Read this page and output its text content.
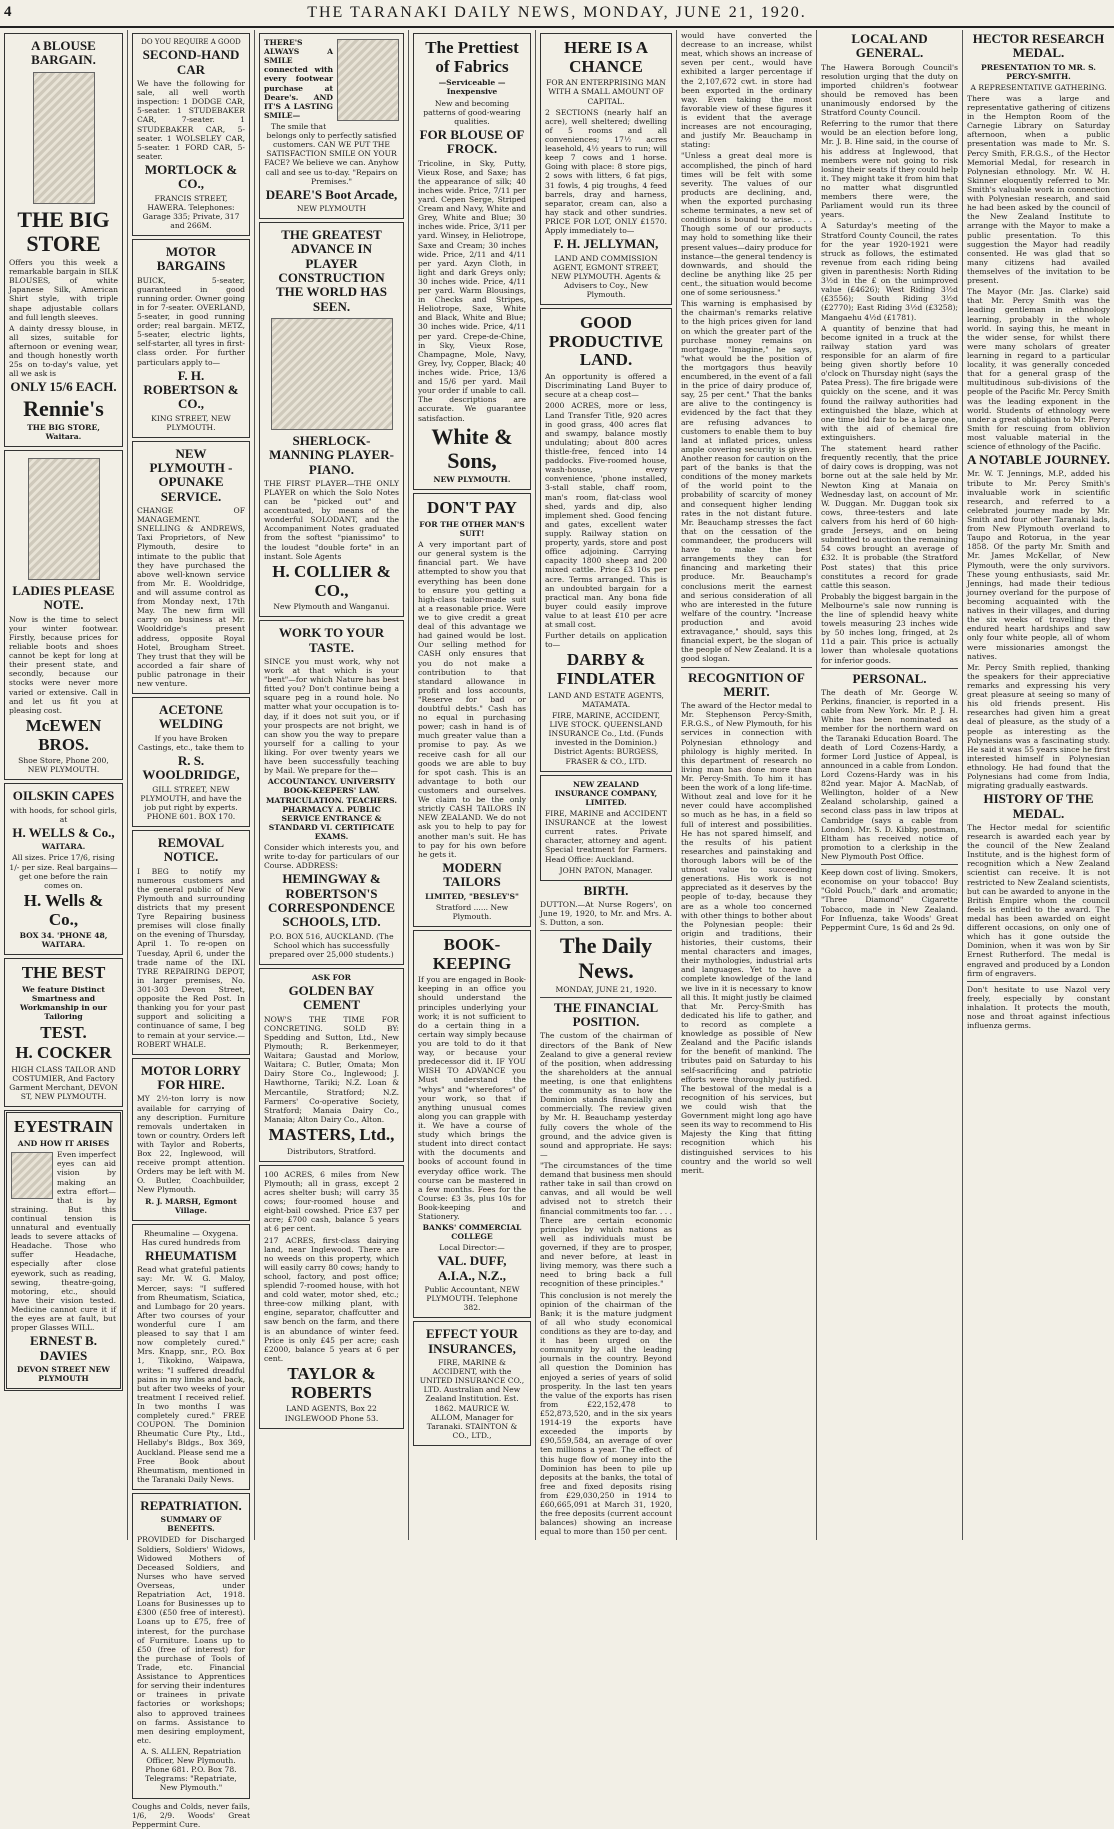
4	THE TARANAKI DAILY NEWS, MONDAY, JUNE 21, 1920.
A BLOUSE BARGAIN.
THE BIG STORE

Offers you this week a remarkable bargain in SILK BLOUSES, of white Japanese Silk, American Shirt style, with triple shape adjustable collars and full length sleeves.

A dainty dressy blouse, in all sizes, suitable for afternoon or evening wear, and though honestly worth 25s on to-day's value, yet all we ask is

ONLY 15/6 EACH.
Rennie's

THE BIG STORE, Waitara.

LADIES PLEASE NOTE.

Now is the time to select your winter footwear. Firstly, because prices for reliable boots and shoes cannot be kept for long at their present state, and secondly, because our stocks were never more varied or extensive. Call in and let us fit you at pleasing cost.

McEWEN BROS.

Shoe Store, Phone 200, NEW PLYMOUTH.

OILSKIN CAPES

with hoods, for school girls, at

H. WELLS & Co.,

WAITARA.

All sizes. Price 17/6, rising 1/- per size. Real bargains—get one before the rain comes on.

H. Wells & Co.,

BOX 34. 'PHONE 48, WAITARA.

THE BEST

We feature Distinct Smartness and Workmanship in our Tailoring

TEST.
H. COCKER

HIGH CLASS TAILOR AND COSTUMIER, And Factory Garment Merchant, DEVON ST, NEW PLYMOUTH.

EYESTRAIN

AND HOW IT ARISES

Even imperfect eyes can aid vision by making an extra effort—that is by straining. But this continual tension is unnatural and eventually leads to severe attacks of Headache. Those who suffer Headache, especially after close eyework, such as reading, sewing, theatre-going, motoring, etc., should have their vision tested. Medicine cannot cure it if the eyes are at fault, but proper Glasses WILL.

ERNEST B. DAVIES

DEVON STREET NEW PLYMOUTH

DO YOU REQUIRE A GOOD

SECOND-HAND CAR

We have the following for sale, all well worth inspection: 1 DODGE CAR, 5-seater. 1 STUDEBAKER CAR, 7-seater. 1 STUDEBAKER CAR, 5-seater. 1 WOLSELEY CAR, 5-seater. 1 FORD CAR, 5-seater.

MORTLOCK & CO.,

FRANCIS STREET, HAWERA. Telephones: Garage 335; Private, 317 and 266M.

MOTOR BARGAINS

BUICK, 5-seater, guaranteed in good running order. Owner going in for 7-seater. OVERLAND, 5-seater, in good running order; real bargain. METZ, 5-seater, electric lights, self-starter, all tyres in first-class order. For further particulars apply to—

F. H. ROBERTSON & CO.,

KING STREET, NEW PLYMOUTH.

NEW PLYMOUTH - OPUNAKE SERVICE.

CHANGE OF MANAGEMENT. SNELLING & ANDREWS, Taxi Proprietors, of New Plymouth, desire to intimate to the public that they have purchased the above well-known service from Mr. E. Wooldridge, and will assume control as from Monday next, 17th May. The new firm will carry on business at Mr. Wooldridge's present address, opposite Royal Hotel, Brougham Street. They trust that they will be accorded a fair share of public patronage in their new venture.

ACETONE WELDING

If you have Broken Castings, etc., take them to

R. S. WOOLDRIDGE,

GILL STREET, NEW PLYMOUTH, and have the job put right by experts. PHONE 601. BOX 170.

REMOVAL NOTICE.

I BEG to notify my numerous customers and the general public of New Plymouth and surrounding districts that my present Tyre Repairing business premises will close finally on the evening of Thursday, April 1. To re-open on Tuesday, April 6, under the trade name of the IXL TYRE REPAIRING DEPOT, in larger premises, No. 301-303 Devon Street, opposite the Red Post. In thanking you for your past support and soliciting a continuance of same, I beg to remain at your service.—ROBERT WHALE.

MOTOR LORRY FOR HIRE.

MY 2½-ton lorry is now available for carrying of any description. Furniture removals undertaken in town or country. Orders left with Taylor and Roberts, Box 22, Inglewood, will receive prompt attention. Orders may be left with M. O. Butler, Coachbuilder, New Plymouth.

R. J. MARSH, Egmont Village.

Rheumaline — Oxygena. Has cured hundreds from

RHEUMATISM

Read what grateful patients say: Mr. W. G. Maloy, Mercer, says: "I suffered from Rheumatism, Sciatica, and Lumbago for 20 years. After two courses of your wonderful cure I am pleased to say that I am now completely cured." Mrs. Knapp, snr., P.O. Box 1, Tikokino, Waipawa, writes: "I suffered dreadful pains in my limbs and back, but after two weeks of your treatment I received relief. In two months I was completely cured." FREE COUPON. The Dominion Rheumatic Cure Pty., Ltd., Hellaby's Bldgs., Box 369, Auckland. Please send me a Free Book about Rheumatism, mentioned in the Taranaki Daily News.

REPATRIATION.

SUMMARY OF BENEFITS.

PROVIDED for Discharged Soldiers, Soldiers' Widows, Widowed Mothers of Deceased Soldiers, and Nurses who have served Overseas, under Repatriation Act, 1918. Loans for Businesses up to £300 (£50 free of interest). Loans up to £75, free of interest, for the purchase of Furniture. Loans up to £50 (free of interest) for the purchase of Tools of Trade, etc. Financial Assistance to Apprentices for serving their indentures or trainees in private factories or workshops; also to approved trainees on farms. Assistance to men desiring employment, etc.

A. S. ALLEN, Repatriation Officer, New Plymouth. Phone 681. P.O. Box 78. Telegrams: "Repatriate, New Plymouth."

Coughs and Colds, never fails, 1/6, 2/9. Woods' Great Peppermint Cure.

THERE'S ALWAYS A SMILE connected with every footwear purchase at Deare's. AND IT'S A LASTING SMILE—

The smile that belongs only to perfectly satisfied customers. CAN WE PUT THE SATISFACTION SMILE ON YOUR FACE? We believe we can. Anyhow call and see us to-day. "Repairs on Premises."

DEARE'S Boot Arcade,

NEW PLYMOUTH

THE GREATEST ADVANCE IN PLAYER CONSTRUCTION THE WORLD HAS SEEN.
SHERLOCK-MANNING PLAYER-PIANO.

THE FIRST PLAYER—THE ONLY PLAYER on which the Solo Notes can be "picked out" and accentuated, by means of the wonderful SOLODANT, and the Accompaniment Notes graduated from the softest "pianissimo" to the loudest "double forte" in an instant. Sole Agents

H. COLLIER & CO.,

New Plymouth and Wanganui.

WORK TO YOUR TASTE.

SINCE you must work, why not work at that which is your "bent"—for which Nature has best fitted you? Don't continue being a square peg in a round hole. No matter what your occupation is to-day, if it does not suit you, or if your prospects are not bright, we can show you the way to prepare yourself for a calling to your liking. For over twenty years we have been successfully teaching by Mail. We prepare for the—

ACCOUNTANCY. UNIVERSITY BOOK-KEEPERS' LAW. MATRICULATION. TEACHERS. PHARMACY A. PUBLIC SERVICE ENTRANCE & STANDARD VI. CERTIFICATE EXAMS.

Consider which interests you, and write to-day for particulars of our Course. ADDRESS:

HEMINGWAY & ROBERTSON'S CORRESPONDENCE SCHOOLS, LTD.

P.O. BOX 516, AUCKLAND. (The School which has successfully prepared over 25,000 students.)

ASK FOR

GOLDEN BAY CEMENT

NOW'S THE TIME FOR CONCRETING. SOLD BY: Spedding and Sutton, Ltd., New Plymouth; R. Berkenmeyer, Waitara; Gaustad and Morlow, Waitara; C. Butler, Omata; Mon Dairy Store Co., Inglewood; J. Hawthorne, Tariki; N.Z. Loan & Mercantile, Stratford; N.Z. Farmers' Co-operative Society, Stratford; Manaia Dairy Co., Manaia; Alton Dairy Co., Alton.

MASTERS, Ltd.,

Distributors, Stratford.

100 ACRES, 6 miles from New Plymouth; all in grass, except 2 acres shelter bush; will carry 35 cows; four-roomed house and eight-bail cowshed. Price £37 per acre; £700 cash, balance 5 years at 6 per cent.

217 ACRES, first-class dairying land, near Inglewood. There are no weeds on this property, which will easily carry 80 cows; handy to school, factory, and post office; splendid 7-roomed house, with hot and cold water, motor shed, etc.; three-cow milking plant, with engine, separator, chaffcutter and saw bench on the farm, and there is an abundance of winter feed. Price is only £45 per acre; cash £2000, balance 5 years at 6 per cent.

TAYLOR & ROBERTS

LAND AGENTS, Box 22 INGLEWOOD Phone 53.

The Prettiest of Fabrics

—Serviceable —Inexpensive

New and becoming patterns of good-wearing qualities.

FOR BLOUSE OF FROCK.

Tricoline, in Sky, Putty, Vieux Rose, and Saxe; has the appearance of silk; 40 inches wide. Price, 7/11 per yard. Cepen Serge, Striped Cream and Navy, White and Grey, White and Blue; 30 inches wide. Price, 3/11 per yard. Winsey, in Heliotrope, Saxe and Cream; 30 inches wide. Price, 2/11 and 4/11 per yard. Azyn Cloth, in light and dark Greys only; 30 inches wide. Price, 4/11 per yard. Warm Blousings, in Checks and Stripes, Heliotrope, Saxe, White and Black, White and Blue; 30 inches wide. Price, 4/11 per yard. Crepe-de-Chine, in Sky, Vieux Rose, Champagne, Mole, Navy, Grey, Ivy, Copper, Black; 40 inches wide. Price, 13/6 and 15/6 per yard. Mail your order if unable to call. The descriptions are accurate. We guarantee satisfaction.

White & Sons,

NEW PLYMOUTH.

DON'T PAY

FOR THE OTHER MAN'S SUIT!

A very important part of our general system is the financial part. We have attempted to show you that everything has been done to ensure you getting a high-class tailor-made suit at a reasonable price. Were we to give credit a great deal of this advantage we had gained would be lost. Our selling method for CASH only ensures that you do not make a contribution to that standard allowance in profit and loss accounts, "Reserve for bad or doubtful debts." Cash has no equal in purchasing power; cash in hand is of much greater value than a promise to pay. As we receive cash for all our goods we are able to buy for spot cash. This is an advantage to both our customers and ourselves. We claim to be the only strictly CASH TAILORS IN NEW ZEALAND. We do not ask you to help to pay for another man's suit. He has to pay for his own before he gets it.

MODERN TAILORS

LIMITED, "BESLEY'S"

Stratford ...... New Plymouth.

BOOK-KEEPING

If you are engaged in Book-keeping in an office you should understand the principles underlying your work; it is not sufficient to do a certain thing in a certain way simply because you are told to do it that way, or because your predecessor did it. IF YOU WISH TO ADVANCE you Must understand the "whys" and "wherefores" of your work, so that if anything unusual comes along you can grapple with it. We have a course of study which brings the student into direct contact with the documents and books of account found in everyday office work. The course can be mastered in a few months. Fees for the Course: £3 3s, plus 10s for Book-keeping and Stationery.

BANKS' COMMERCIAL COLLEGE

Local Director:—

VAL. DUFF, A.I.A., N.Z.,

Public Accountant, NEW PLYMOUTH. Telephone 382.

EFFECT YOUR INSURANCES,

FIRE, MARINE & ACCIDENT, with the UNITED INSURANCE CO., LTD. Australian and New Zealand Institution. Est. 1862. MAURICE W. ALLOM, Manager for Taranaki. STAINTON & CO., LTD.,

HERE IS A CHANCE

FOR AN ENTERPRISING MAN WITH A SMALL AMOUNT OF CAPITAL.

2 SECTIONS (nearly half an acre), well sheltered; dwelling of 5 rooms and all conveniences; 17½ acres leasehold, 4½ years to run; will keep 7 cows and 1 horse. Going with place: 8 store pigs, 2 sows with litters, 6 fat pigs, 31 fowls, 4 pig troughs, 4 feed barrels, dray and harness, separator, cream can, also a hay stack and other sundries. PRICE FOR LOT, ONLY £1570. Apply immediately to—

F. H. JELLYMAN,

LAND AND COMMISSION AGENT, EGMONT STREET, NEW PLYMOUTH. Agents & Advisers to Coy., New Plymouth.

GOOD PRODUCTIVE LAND.

An opportunity is offered a Discriminating Land Buyer to secure at a cheap cost—

2000 ACRES, more or less, Land Transfer Title, 920 acres in good grass, 400 acres flat and swampy, balance mostly undulating; about 800 acres thistle-free, fenced into 14 paddocks. Five-roomed house, wash-house, every convenience, 'phone installed, 3-stall stable, chaff room, man's room, flat-class wool shed, yards and dip, also implement shed. Good fencing and gates, excellent water supply. Railway station on property, yards, store and post office adjoining. Carrying capacity 1800 sheep and 200 mixed cattle. Price £3 10s per acre. Terms arranged. This is an undoubted bargain for a practical man. Any bona fide buyer could easily improve value to at least £10 per acre at small cost.

Further details on application to—

DARBY & FINDLATER

LAND AND ESTATE AGENTS, MATAMATA.

FIRE, MARINE, ACCIDENT, LIVE STOCK. QUEENSLAND INSURANCE Co., Ltd. (Funds invested in the Dominion.) District Agents: BURGESS, FRASER & CO., LTD.

NEW ZEALAND INSURANCE COMPANY, LIMITED.

FIRE, MARINE and ACCIDENT INSURANCE at the lowest current rates. Private character, attorney and agent. Special treatment for Farmers. Head Office: Auckland.

JOHN PATON, Manager.

BIRTH.

DUTTON.—At Nurse Rogers', on June 19, 1920, to Mr. and Mrs. A. S. Dutton, a son.

The Daily News.

MONDAY, JUNE 21, 1920.

THE FINANCIAL POSITION.

The custom of the chairman of directors of the Bank of New Zealand to give a general review of the position, when addressing the shareholders at the annual meeting, is one that enlightens the community as to how the Dominion stands financially and commercially. The review given by Mr. H. Beauchamp yesterday fully covers the whole of the ground, and the advice given is sound and appropriate. He says:—

"The circumstances of the time demand that business men should rather take in sail than crowd on canvas, and all would be well advised not to stretch their financial commitments too far. . . . There are certain economic principles by which nations as well as individuals must be governed, if they are to prosper, and never before, at least in living memory, was there such a need to bring back a full recognition of these principles."

This conclusion is not merely the opinion of the chairman of the Bank; it is the mature judgment of all who study economical conditions as they are to-day, and it has been urged on the community by all the leading journals in the country. Beyond all question the Dominion has enjoyed a series of years of solid prosperity. In the last ten years the value of the exports has risen from £22,152,478 to £52,873,520, and in the six years 1914-19 the exports have exceeded the imports by £90,559,584, an average of over ten millions a year. The effect of this huge flow of money into the Dominion has been to pile up deposits at the banks, the total of free and fixed deposits rising from £29,030,250 in 1914 to £60,665,091 at March 31, 1920, the free deposits (current account balances) showing an increase equal to more than 150 per cent.

would have converted the decrease to an increase, whilst meat, which shows an increase of seven per cent., would have exhibited a larger percentage if the 2,107,672 cwt. in store had been exported in the ordinary way. Even taking the most favorable view of these figures it is evident that the average increases are not encouraging, and justify Mr. Beauchamp in stating:

"Unless a great deal more is accomplished, the pinch of hard times will be felt with some severity. The values of our products are declining, and, when the exported purchasing scheme terminates, a new set of conditions is bound to arise. . . . Though some of our products may hold to something like their present values—dairy produce for instance—the general tendency is downwards, and should the decline be anything like 25 per cent., the situation would become one of some seriousness."

This warning is emphasised by the chairman's remarks relative to the high prices given for land on which the greater part of the purchase money remains on mortgage. "Imagine," he says, "what would be the position of the mortgagors thus heavily encumbered, in the event of a fall in the price of dairy produce of, say, 25 per cent." That the banks are alive to the contingency is evidenced by the fact that they are refusing advances to customers to enable them to buy land at inflated prices, unless ample covering security is given. Another reason for caution on the part of the banks is that the conditions of the money markets of the world point to the probability of scarcity of money and consequent higher lending rates in the not distant future. Mr. Beauchamp stresses the fact that on the cessation of the commandeer, the producers will have to make the best arrangements they can for financing and marketing their produce. Mr. Beauchamp's conclusions merit the earnest and serious consideration of all who are interested in the future welfare of the country. "Increase production and avoid extravagance," should, says this financial expert, be the slogan of the people of New Zealand. It is a good slogan.

RECOGNITION OF MERIT.

The award of the Hector medal to Mr. Stephenson Percy-Smith, F.R.G.S., of New Plymouth, for his services in connection with Polynesian ethnology and philology is highly merited. In this department of research no living man has done more than Mr. Percy-Smith. To him it has been the work of a long life-time. Without zeal and love for it he never could have accomplished so much as he has, in a field so full of interest and possibilities. He has not spared himself, and the results of his patient researches and painstaking and thorough labors will be of the utmost value to succeeding generations. His work is not appreciated as it deserves by the people of to-day, because they are as a whole too concerned with other things to bother about the Polynesian people: their origin and traditions, their histories, their customs, their mental characters and images, their mythologies, industrial arts and languages. Yet to have a complete knowledge of the land we live in it is necessary to know all this. It might justly be claimed that Mr. Percy-Smith has dedicated his life to gather, and to record as complete a knowledge as possible of New Zealand and the Pacific islands for the benefit of mankind. The tributes paid on Saturday to his self-sacrificing and patriotic efforts were thoroughly justified. The bestowal of the medal is a recognition of his services, but we could wish that the Government might long ago have seen its way to recommend to His Majesty the King that fitting recognition which his distinguished services to his country and the world so well merit.

LOCAL AND GENERAL.

The Hawera Borough Council's resolution urging that the duty on imported children's footwear should be removed has been unanimously endorsed by the Stratford County Council.

Referring to the rumor that there would be an election before long, Mr. J. B. Hine said, in the course of his address at Inglewood, that members were not going to risk losing their seats if they could help it. They might take it from him that no matter what disgruntled members there were, the Parliament would run its three years.

A Saturday's meeting of the Stratford County Council, the rates for the year 1920-1921 were struck as follows, the estimated revenue from each riding being given in parenthesis: North Riding 3½d in the £ on the unimproved value (£4626); West Riding 3½d (£3556); South Riding 3½d (£2770); East Riding 3½d (£3258); Mangaehu 4½d (£1781).

A quantity of benzine that had become ignited in a truck at the railway station yard was responsible for an alarm of fire being given shortly before 10 o'clock on Thursday night (says the Patea Press). The fire brigade were quickly on the scene, and it was found the railway authorities had extinguished the blaze, which at one time bid fair to be a large one, with the aid of chemical fire extinguishers.

The statement heard rather frequently recently, that the price of dairy cows is dropping, was not borne out at the sale held by Mr. Newton King at Manaia on Wednesday last, on account of Mr. W. Duggan. Mr. Duggan took six cows, three-testers and late calvers from his herd of 60 high-grade Jerseys, and on being submitted to auction the remaining 54 cows brought an average of £32. It is probable (the Stratford Post states) that this price constitutes a record for grade cattle this season.

Probably the biggest bargain in the Melbourne's sale now running is the line of splendid heavy white towels measuring 23 inches wide by 50 inches long, fringed, at 2s 11d a pair. This price is actually lower than wholesale quotations for inferior goods.

PERSONAL.

The death of Mr. George W. Perkins, financier, is reported in a cable from New York. Mr. P. J. H. White has been nominated as member for the northern ward on the Taranaki Education Board. The death of Lord Cozens-Hardy, a former Lord Justice of Appeal, is announced in a cable from London. Lord Cozens-Hardy was in his 82nd year. Major A. MacNab, of Wellington, holder of a New Zealand scholarship, gained a second class pass in law tripos at Cambridge (says a cable from London). Mr. S. D. Kibby, postman, Eltham has received notice of promotion to a clerkship in the New Plymouth Post Office.

Keep down cost of living. Smokers, economise on your tobacco! Buy "Gold Pouch," dark and aromatic; "Three Diamond" Cigarette Tobacco, made in New Zealand. For Influenza, take Woods' Great Peppermint Cure, 1s 6d and 2s 9d.

HECTOR RESEARCH MEDAL.

PRESENTATION TO MR. S. PERCY-SMITH.

A REPRESENTATIVE GATHERING.

There was a large and representative gathering of citizens in the Hempton Room of the Carnegie Library on Saturday afternoon, when a public presentation was made to Mr. S. Percy Smith, F.R.G.S., of the Hector Memorial Medal, for research in Polynesian ethnology. Mr. W. H. Skinner eloquently referred to Mr. Smith's valuable work in connection with Polynesian research, and said he had been asked by the council of the New Zealand Institute to arrange with the Mayor to make a public presentation. To this suggestion the Mayor had readily consented. He was glad that so many citizens had availed themselves of the invitation to be present.

The Mayor (Mr. Jas. Clarke) said that Mr. Percy Smith was the leading gentleman in ethnology learning, probably in the whole world. In saying this, he meant in the wider sense, for whilst there were many scholars of greater learning in regard to a particular locality, it was generally conceded that for a general grasp of the multitudinous sub-divisions of the people of the Pacific Mr. Percy Smith was the leading exponent in the world. Students of ethnology were under a great obligation to Mr. Percy Smith for rescuing from oblivion most valuable material in the science of ethnology of the Pacific.

A NOTABLE JOURNEY.

Mr. W. T. Jennings, M.P., added his tribute to Mr. Percy Smith's invaluable work in scientific research, and referred to a celebrated journey made by Mr. Smith and four other Taranaki lads, from New Plymouth overland to Taupo and Rotorua, in the year 1858. Of the party Mr. Smith and Mr. James McKellar, of New Plymouth, were the only survivors. These young enthusiasts, said Mr. Jennings, had made their tedious journey overland for the purpose of becoming acquainted with the natives in their villages, and during the six weeks of travelling they endured heart hardships and saw only four white people, all of whom were missionaries amongst the natives.

Mr. Percy Smith replied, thanking the speakers for their appreciative remarks and expressing his very great pleasure at seeing so many of his old friends present. His researches had given him a great deal of pleasure, as the study of a people as interesting as the Polynesians was a fascinating study. He said it was 55 years since he first interested himself in Polynesian ethnology. He had found that the Polynesians had come from India, migrating gradually eastwards.

HISTORY OF THE MEDAL.

The Hector medal for scientific research is awarded each year by the council of the New Zealand Institute, and is the highest form of recognition which a New Zealand scientist can receive. It is not restricted to New Zealand scientists, but can be awarded to anyone in the British Empire whom the council feels is entitled to the award. The medal has been awarded on eight different occasions, on only one of which has it gone outside the Dominion, when it was won by Sir Ernest Rutherford. The medal is engraved and produced by a London firm of engravers.

Don't hesitate to use Nazol very freely, especially by constant inhalation. It protects the mouth, nose and throat against infectious influenza germs.
